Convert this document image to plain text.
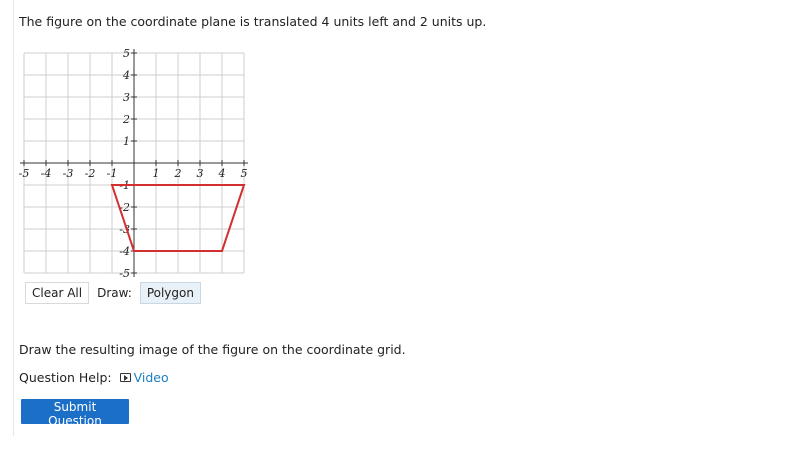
The figure on the coordinate plane is translated 4 units left and 2 units up.
-5 -4 -3 -2 -1	1 2 3 4 5
5
4
3
2
1
-1
-2
-3
-4
-5
Clear All	Draw:	Polygon
Draw the resulting image of the figure on the coordinate grid.
Question Help: Video
Submit Question
